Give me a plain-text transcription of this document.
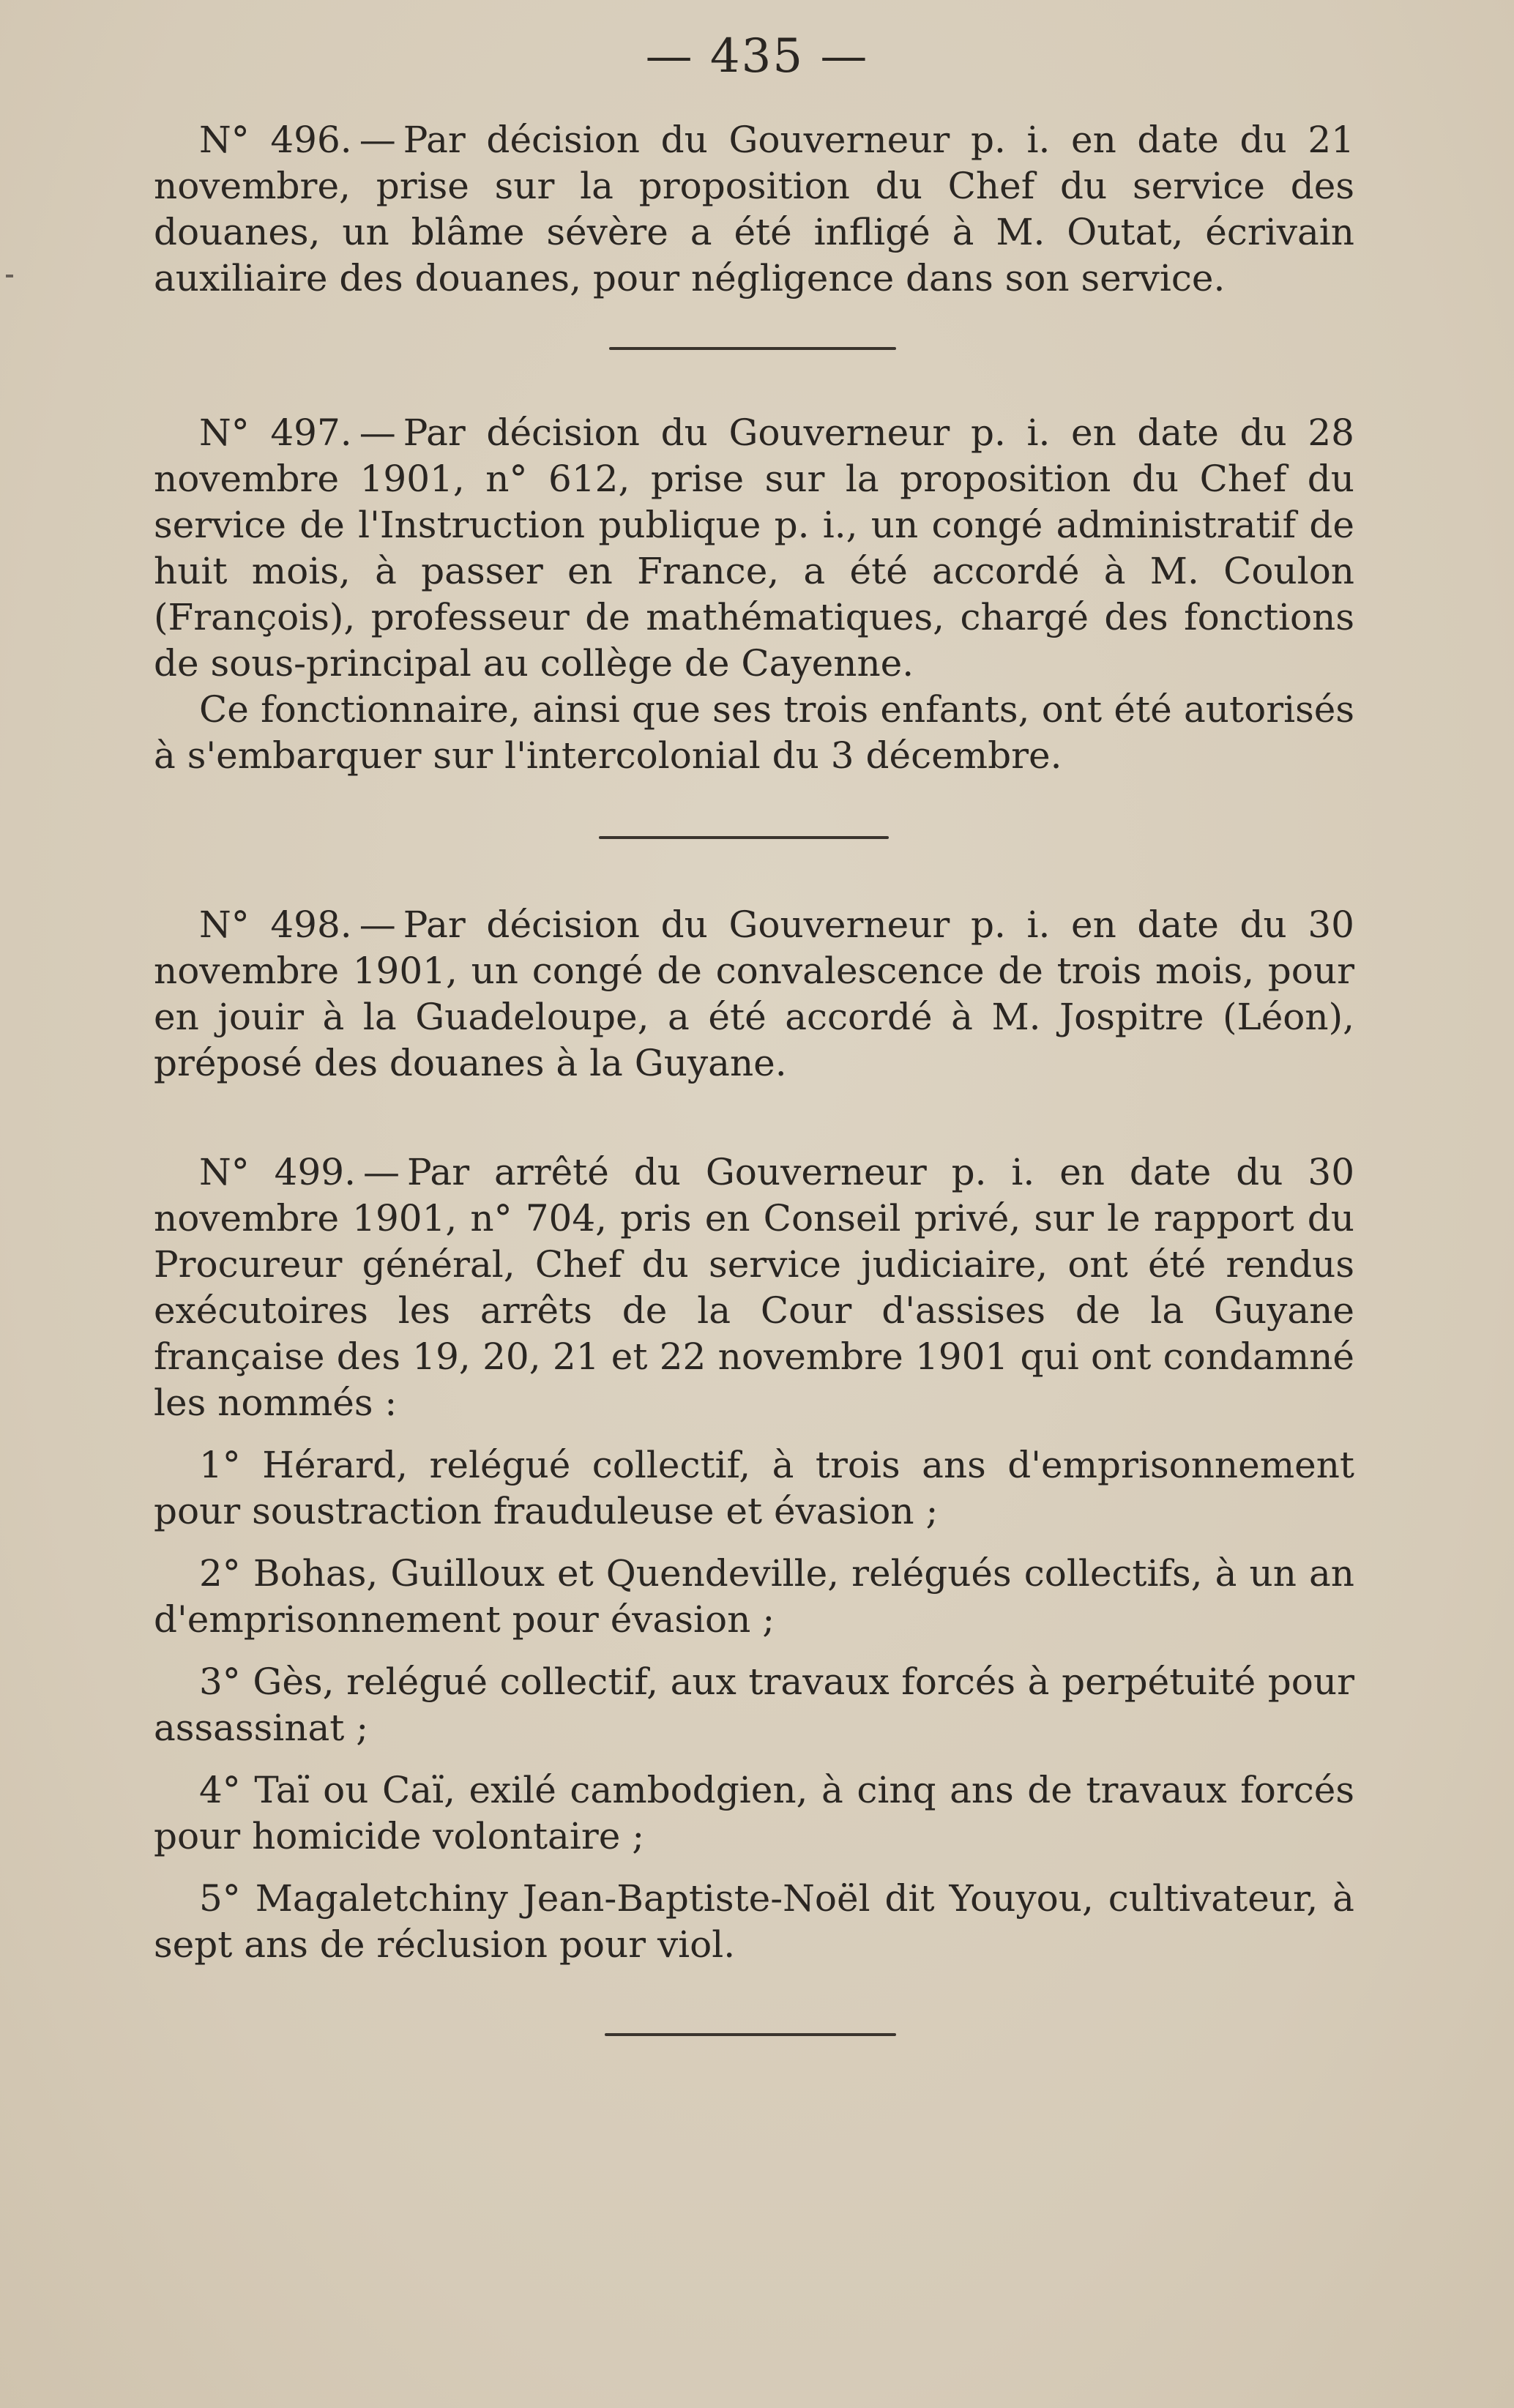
— 435 —

N° 496. — Par décision du Gouverneur p. i. en date du 21 novembre, prise sur la proposition du Chef du service des douanes, un blâme sévère a été infligé à M. Outat, écrivain auxiliaire des douanes, pour négligence dans son service.

N° 497. — Par décision du Gouverneur p. i. en date du 28 novembre 1901, n° 612, prise sur la proposition du Chef du service de l'Instruction publique p. i., un congé administratif de huit mois, à passer en France, a été accordé à M. Coulon (François), professeur de mathématiques, chargé des fonctions de sous-principal au collège de Cayenne.

Ce fonctionnaire, ainsi que ses trois enfants, ont été autorisés à s'embarquer sur l'intercolonial du 3 décembre.

N° 498. — Par décision du Gouverneur p. i. en date du 30 novembre 1901, un congé de convalescence de trois mois, pour en jouir à la Guadeloupe, a été accordé à M. Jospitre (Léon), préposé des douanes à la Guyane.

N° 499. — Par arrêté du Gouverneur p. i. en date du 30 novembre 1901, n° 704, pris en Conseil privé, sur le rapport du Procureur général, Chef du service judiciaire, ont été rendus exécutoires les arrêts de la Cour d'assises de la Guyane française des 19, 20, 21 et 22 novembre 1901 qui ont condamné les nommés :

1° Hérard, relégué collectif, à trois ans d'emprisonnement pour soustraction frauduleuse et évasion ;

2° Bohas, Guilloux et Quendeville, relégués collectifs, à un an d'emprisonnement pour évasion ;

3° Gès, relégué collectif, aux travaux forcés à perpétuité pour assassinat ;

4° Taï ou Caï, exilé cambodgien, à cinq ans de travaux forcés pour homicide volontaire ;

5° Magaletchiny Jean-Baptiste-Noël dit Youyou, cultivateur, à sept ans de réclusion pour viol.
